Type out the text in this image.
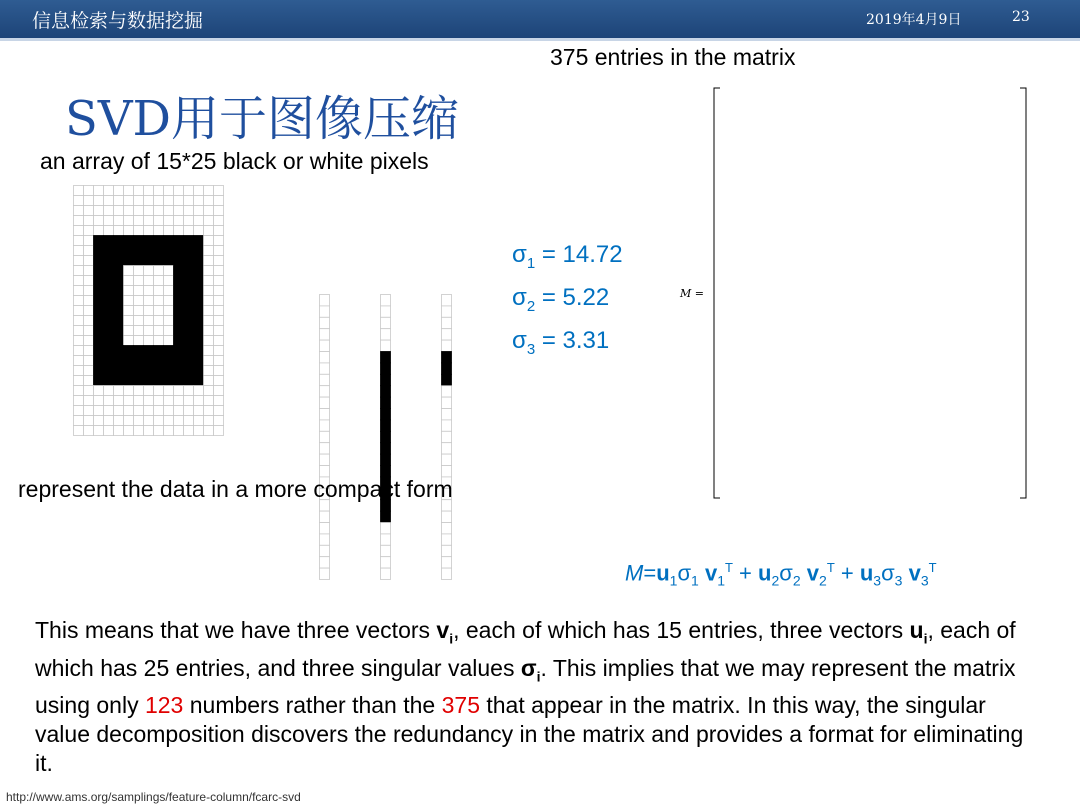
信息检索与数据挖掘	2019年4月9日	23
375 entries in the matrix
SVD用于图像压缩
an array of 15*25 black or white pixels
$\sigma_1 = 14.72$
$\sigma_2 = 5.22$
$\sigma_3 = 3.31$
M =
represent the data in a more compact form
$M=u_1\sigma_1$ $v_1^T + u_2\sigma_2$ $v_2^T + u_3\sigma_3$ $v_3^T$
This means that we have three vectors $v_i$, each of which has 15 entries, three vectors $u_i$, each of which has 25 entries, and three singular values $\sigma_i$. This implies that we may represent the matrix using only 123 numbers rather than the 375 that appear in the matrix. In this way, the singular value decomposition discovers the redundancy in the matrix and provides a format for eliminating it.
http://www.ams.org/samplings/feature-column/fcarc-svd
